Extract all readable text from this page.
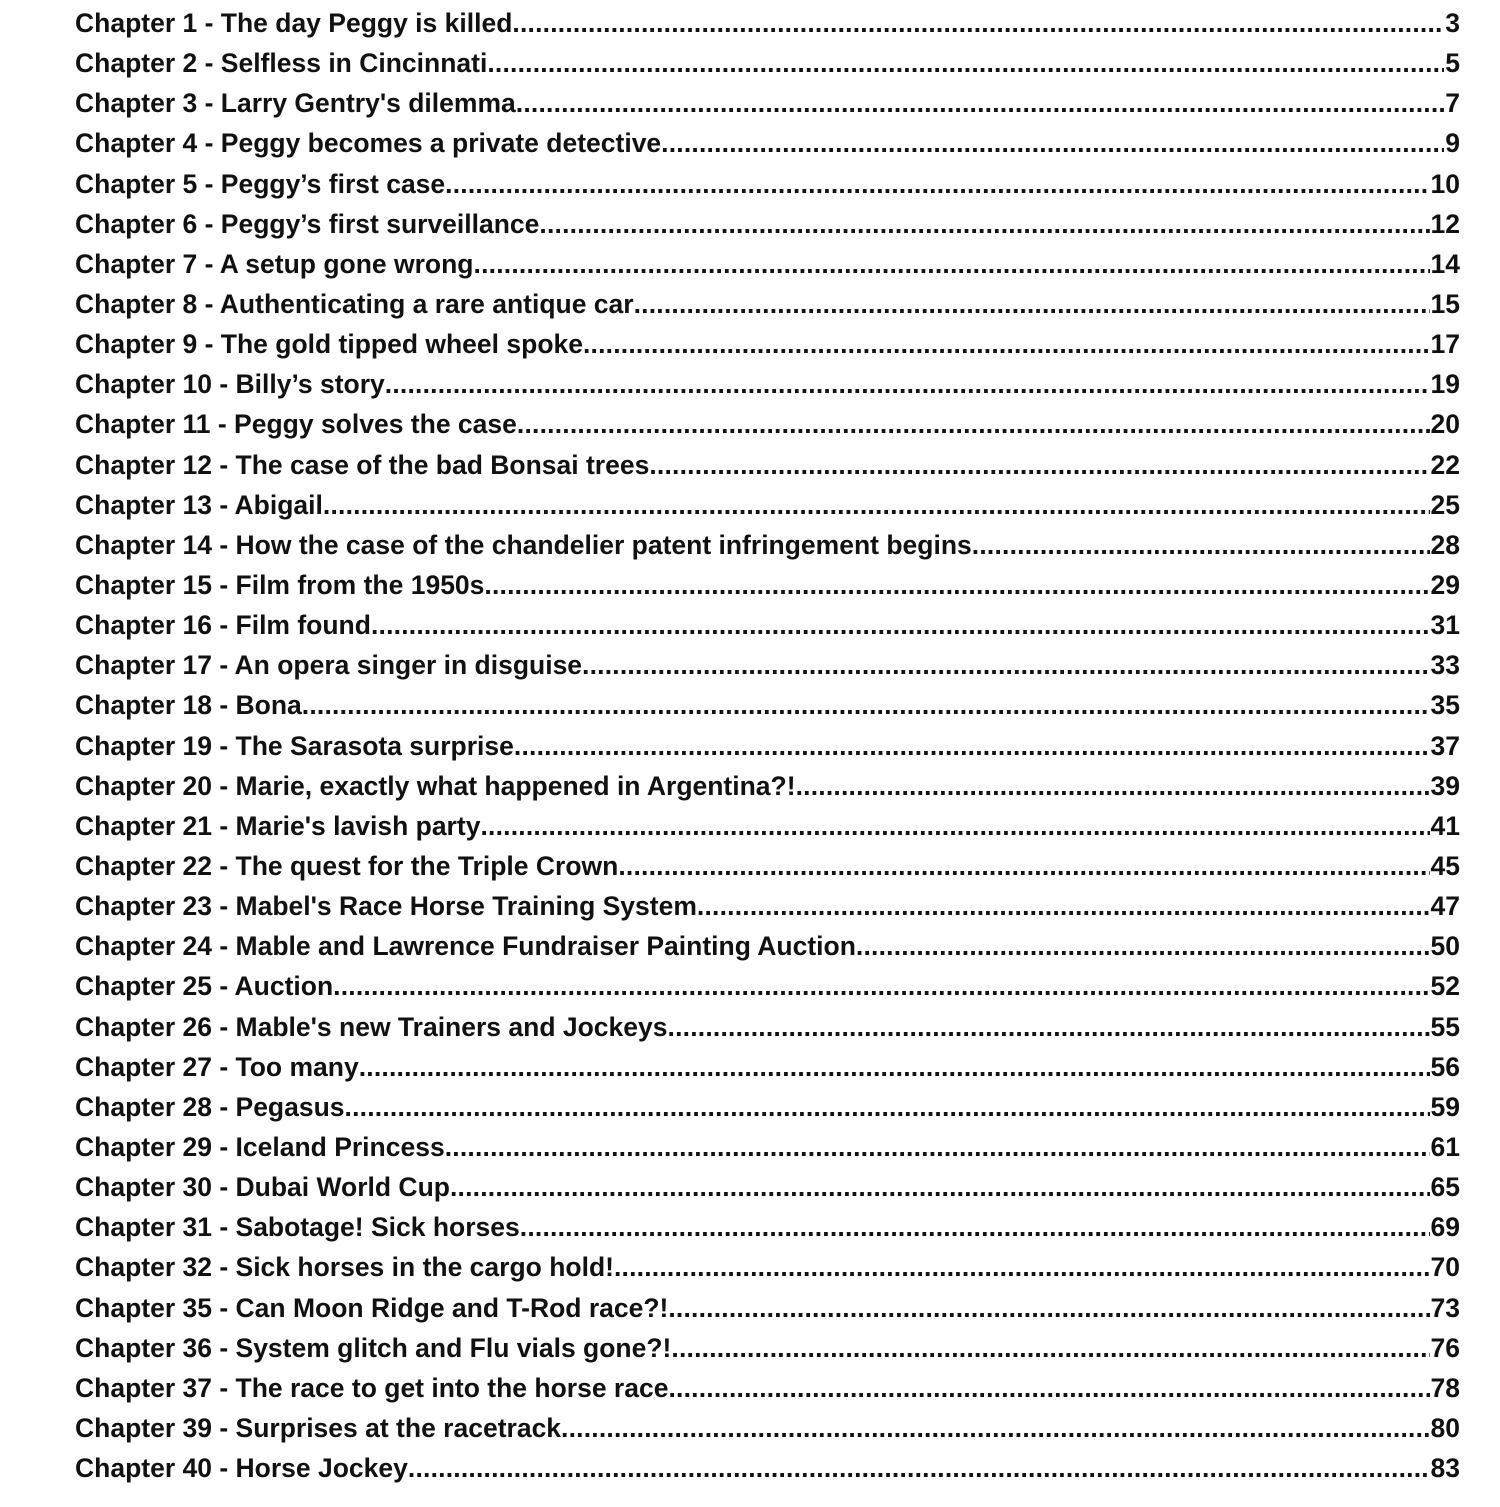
Chapter 1 - The day Peggy is killed .....	3
Chapter 2 - Selfless in Cincinnati .....	5
Chapter 3 - Larry Gentry's dilemma .....	7
Chapter 4 - Peggy becomes a private detective .....	9
Chapter 5 - Peggy’s first case .....	10
Chapter 6 - Peggy’s first surveillance .....	12
Chapter 7 - A setup gone wrong .....	14
Chapter 8 - Authenticating a rare antique car .....	15
Chapter 9 - The gold tipped wheel spoke .....	17
Chapter 10 - Billy’s story .....	19
Chapter 11 - Peggy solves the case .....	20
Chapter 12 - The case of the bad Bonsai trees .....	22
Chapter 13 - Abigail .....	25
Chapter 14 - How the case of the chandelier patent infringement begins .....	28
Chapter 15 - Film from the 1950s .....	29
Chapter 16 - Film found .....	31
Chapter 17 - An opera singer in disguise .....	33
Chapter 18 - Bona .....	35
Chapter 19 - The Sarasota surprise .....	37
Chapter 20 - Marie, exactly what happened in Argentina?! .....	39
Chapter 21 - Marie's lavish party .....	41
Chapter 22 - The quest for the Triple Crown .....	45
Chapter 23 - Mabel's Race Horse Training System .....	47
Chapter 24 - Mable and Lawrence Fundraiser Painting Auction .....	50
Chapter 25 - Auction .....	52
Chapter 26 - Mable's new Trainers and Jockeys .....	55
Chapter 27 - Too many .....	56
Chapter 28 - Pegasus .....	59
Chapter 29 - Iceland Princess .....	61
Chapter 30 - Dubai World Cup .....	65
Chapter 31 - Sabotage! Sick horses .....	69
Chapter 32 - Sick horses in the cargo hold! .....	70
Chapter 35 - Can Moon Ridge and T-Rod race?! .....	73
Chapter 36 - System glitch and Flu vials gone?! .....	76
Chapter 37 - The race to get into the horse race .....	78
Chapter 39 - Surprises at the racetrack .....	80
Chapter 40 - Horse Jockey .....	83
